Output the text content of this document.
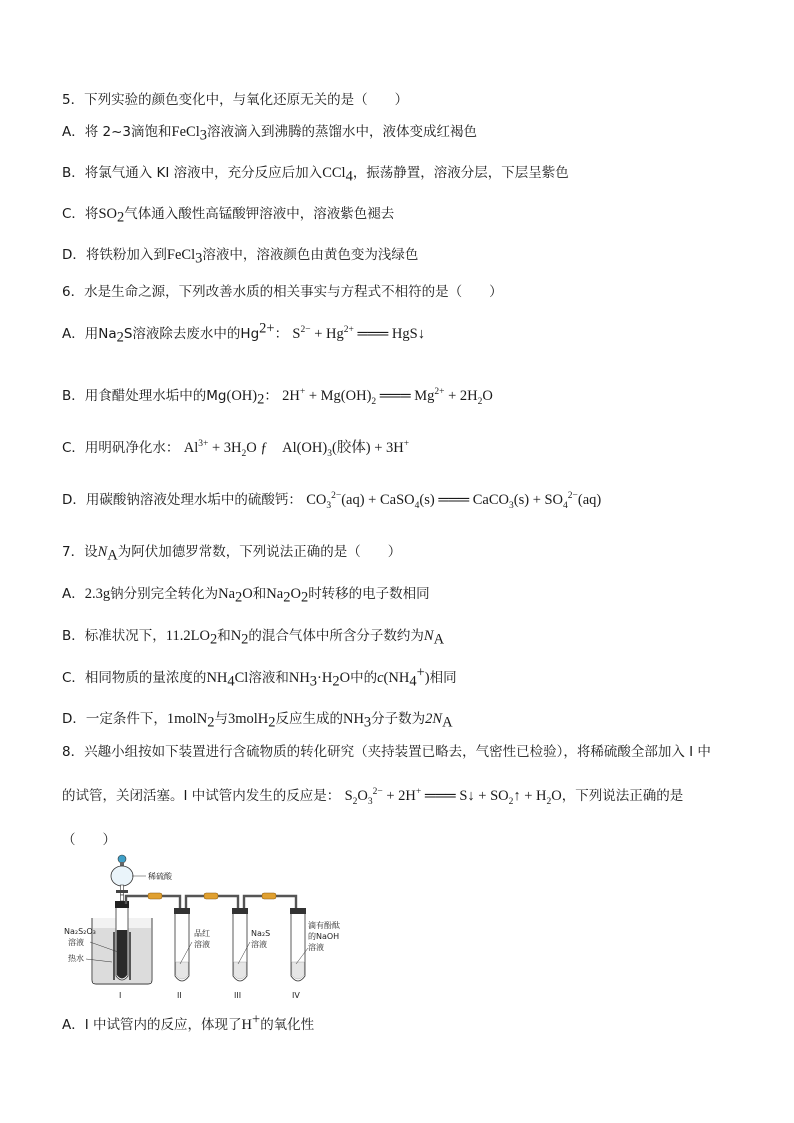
5．下列实验的颜色变化中，与氧化还原无关的是（　　）
A．将 2~3滴饱和FeCl$_3$溶液滴入到沸腾的蒸馏水中，液体变成红褐色
B．将氯气通入 KI 溶液中，充分反应后加入CCl$_4$，振荡静置，溶液分层，下层呈紫色
C．将$SO_2$气体通入酸性高锰酸钾溶液中，溶液紫色褪去
D．将铁粉加入到FeCl$_3$溶液中，溶液颜色由黄色变为浅绿色
6．水是生命之源，下列改善水质的相关事实与方程式不相符的是（　　）
A．用$Na_2S$溶液除去废水中的$Hg^{2+}$： $S^{2-} + Hg^{2+}$ ═══ HgS↓
B．用食醋处理水垢中的$Mg(OH)_2$： $2H^+ + Mg(OH)_2$ ═══ $Mg^{2+} + 2H_2O$
C．用明矾净化水： $Al^{3+} + 3H_2O$ ƒ　$Al(OH)_3$(胶体) + 3H+
D．用碳酸钠溶液处理水垢中的硫酸钙： $CO_3^{2-}(aq)$ + CaSO$_4$(s) ═══ CaCO$_3$(s) + $SO_4^{2-}(aq)$
7．设$N_A$为阿伏加德罗常数，下列说法正确的是（　　）
A．2.3g钠分别完全转化为$Na_2O$和$Na_2O_2$时转移的电子数相同
B．标准状况下，$11.2LO_2$和$N_2$的混合气体中所含分子数约为$N_A$
C．相同物质的量浓度的$NH_4Cl$溶液和$NH_3\cdot H_2O$中的$c(NH_4^+)$相同
D．一定条件下，1molN$_2$与3molH$_2$反应生成的$NH_3$分子数为$2N_A$
8．兴趣小组按如下装置进行含硫物质的转化研究（夹持装置已略去，气密性已检验），将稀硫酸全部加入 I 中
的试管，关闭活塞。I 中试管内发生的反应是： $S_2O_3^{2-} + 2H^+$ ═══ S↓ + $SO_2↑ + H_2O$，下列说法正确的是
（　　）
稀硫酸
Na₂S₂O₃
溶液
热水
品红
溶液
Na₂S
溶液
滴有酚酞
的NaOH
溶液
I	II	III	IV
A．I 中试管内的反应，体现了H+的氧化性
